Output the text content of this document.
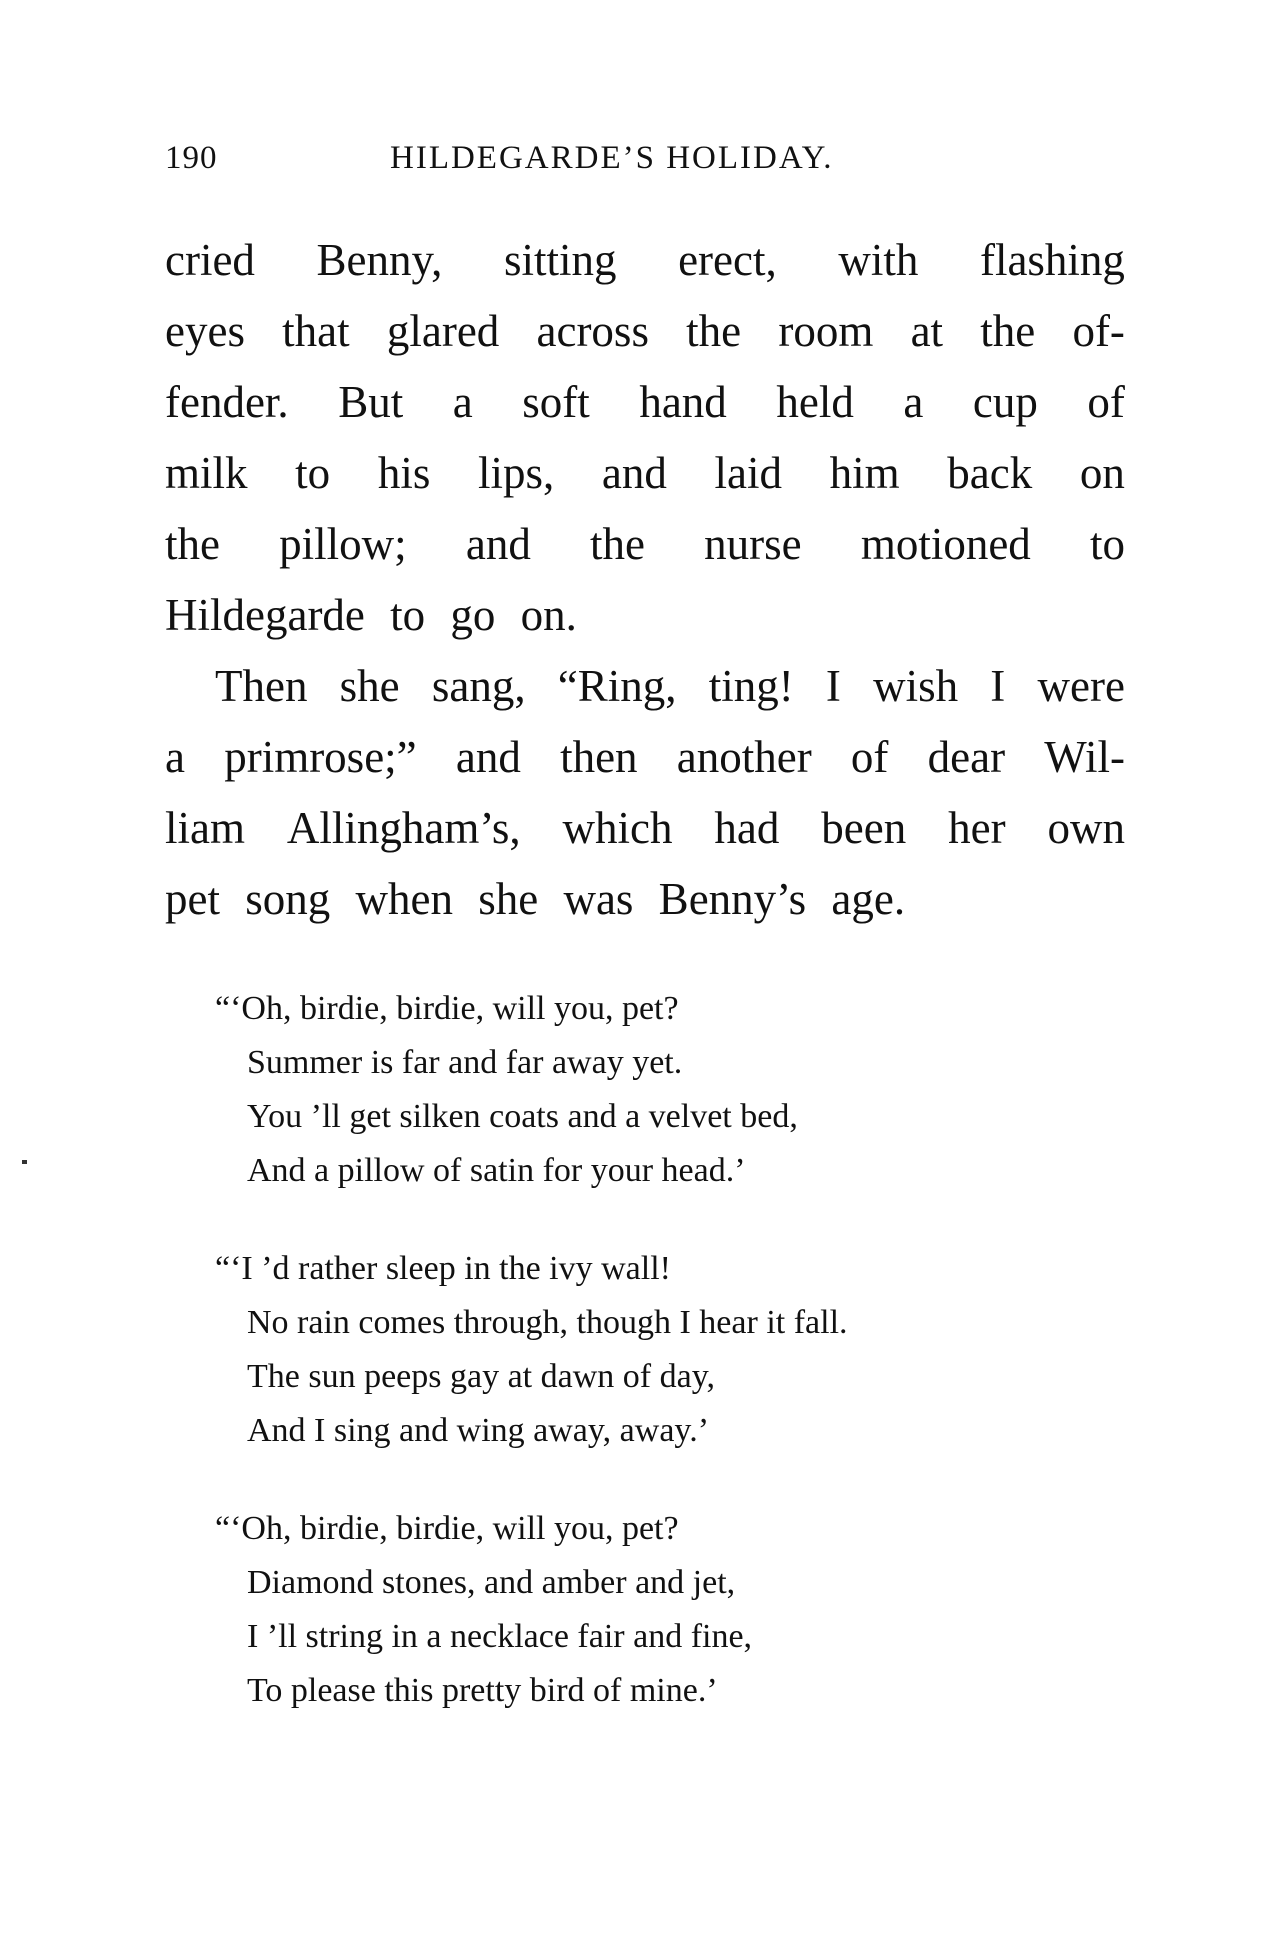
190	HILDEGARDE’S HOLIDAY.
cried Benny, sitting erect, with flashing
eyes that glared across the room at the of-
fender. But a soft hand held a cup of
milk to his lips, and laid him back on
the pillow; and the nurse motioned to
Hildegarde to go on.
Then she sang, “Ring, ting! I wish I were
a primrose;” and then another of dear Wil-
liam Allingham’s, which had been her own
pet song when she was Benny’s age.
“‘Oh, birdie, birdie, will you, pet?
Summer is far and far away yet.
You ’ll get silken coats and a velvet bed,
And a pillow of satin for your head.’
“‘I ’d rather sleep in the ivy wall!
No rain comes through, though I hear it fall.
The sun peeps gay at dawn of day,
And I sing and wing away, away.’
“‘Oh, birdie, birdie, will you, pet?
Diamond stones, and amber and jet,
I ’ll string in a necklace fair and fine,
To please this pretty bird of mine.’
